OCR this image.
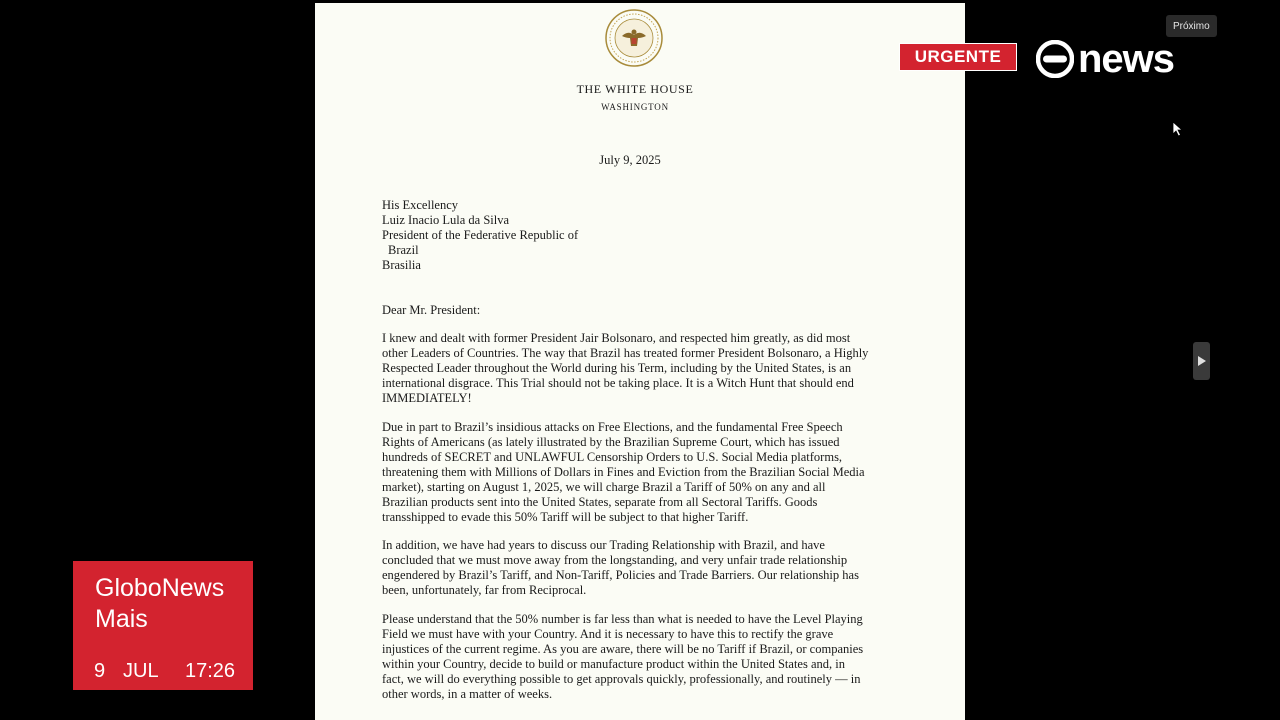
THE WHITE HOUSE
WASHINGTON
July 9, 2025
His Excellency
Luiz Inacio Lula da Silva
President of the Federative Republic of
Brazil
Brasilia
Dear Mr. President:

I knew and dealt with former President Jair Bolsonaro, and respected him greatly, as did most
other Leaders of Countries. The way that Brazil has treated former President Bolsonaro, a Highly
Respected Leader throughout the World during his Term, including by the United States, is an
international disgrace. This Trial should not be taking place. It is a Witch Hunt that should end
IMMEDIATELY!

Due in part to Brazil’s insidious attacks on Free Elections, and the fundamental Free Speech
Rights of Americans (as lately illustrated by the Brazilian Supreme Court, which has issued
hundreds of SECRET and UNLAWFUL Censorship Orders to U.S. Social Media platforms,
threatening them with Millions of Dollars in Fines and Eviction from the Brazilian Social Media
market), starting on August 1, 2025, we will charge Brazil a Tariff of 50% on any and all
Brazilian products sent into the United States, separate from all Sectoral Tariffs. Goods
transshipped to evade this 50% Tariff will be subject to that higher Tariff.

In addition, we have had years to discuss our Trading Relationship with Brazil, and have
concluded that we must move away from the longstanding, and very unfair trade relationship
engendered by Brazil’s Tariff, and Non-Tariff, Policies and Trade Barriers. Our relationship has
been, unfortunately, far from Reciprocal.

Please understand that the 50% number is far less than what is needed to have the Level Playing
Field we must have with your Country. And it is necessary to have this to rectify the grave
injustices of the current regime. As you are aware, there will be no Tariff if Brazil, or companies
within your Country, decide to build or manufacture product within the United States and, in
fact, we will do everything possible to get approvals quickly, professionally, and routinely — in
other words, in a matter of weeks.

URGENTE	news
Próximo
GloboNews
Mais
9 JUL 17:26
